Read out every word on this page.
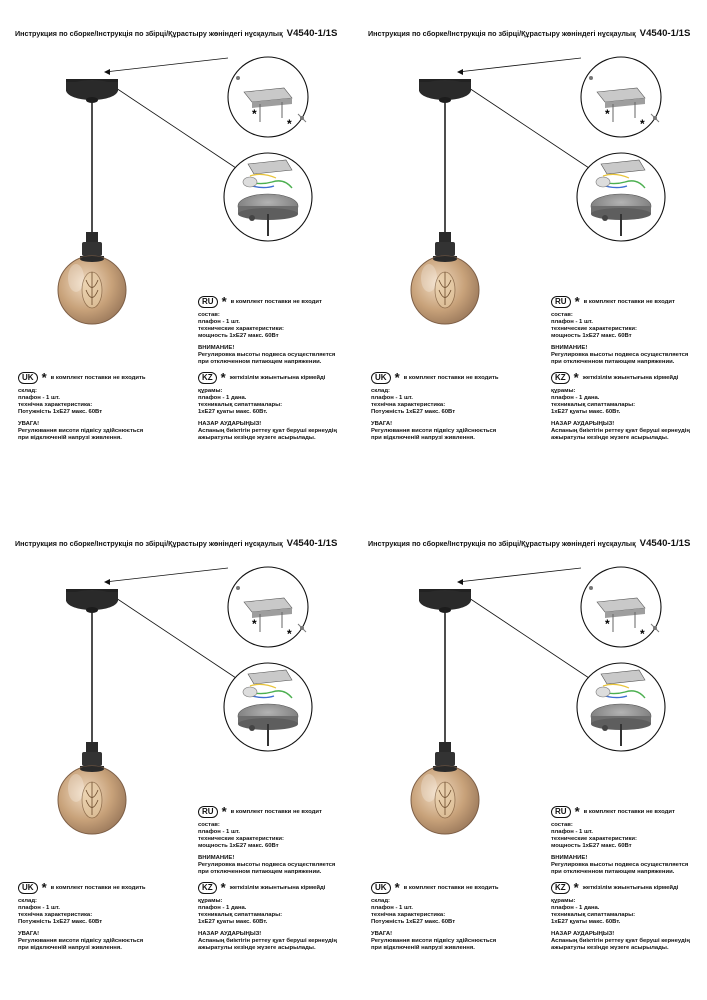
Инструкция по сборке/Інструкція по збірці/Құрастыру жөніндегі нұсқаулық V4540-1/1S
*
*
RU * в комплект поставки не входит
состав:
плафон - 1 шт.
технические характеристики:
мощность 1хЕ27 макс. 60Вт
ВНИМАНИЕ!
Регулировка высоты подвеса осуществляется
при отключенном питающем напряжении.
KZ * жеткізілім жиынтығына кірмейді
құрамы:
плафон - 1 дана.
техникалық сипаттамалары:
1хЕ27 қуаты макс. 60Вт.
НАЗАР АУДАРЫҢЫЗ!
Аспаның биіктігін реттеу қуат беруші кернеудің
ажыратулы кезінде жүзеге асырылады.
UK * в комплект поставки не входить
склад:
плафон - 1 шт.
технічна характеристика:
Потужність 1хЕ27 макс. 60Вт
УВАГА!
Регулювання висоти підвісу здійснюється
при відключеній напрузі живлення.
Инструкция по сборке/Інструкція по збірці/Құрастыру жөніндегі нұсқаулық V4540-1/1S
*
*
RU * в комплект поставки не входит
состав:
плафон - 1 шт.
технические характеристики:
мощность 1хЕ27 макс. 60Вт
ВНИМАНИЕ!
Регулировка высоты подвеса осуществляется
при отключенном питающем напряжении.
KZ * жеткізілім жиынтығына кірмейді
құрамы:
плафон - 1 дана.
техникалық сипаттамалары:
1хЕ27 қуаты макс. 60Вт.
НАЗАР АУДАРЫҢЫЗ!
Аспаның биіктігін реттеу қуат беруші кернеудің
ажыратулы кезінде жүзеге асырылады.
UK * в комплект поставки не входить
склад:
плафон - 1 шт.
технічна характеристика:
Потужність 1хЕ27 макс. 60Вт
УВАГА!
Регулювання висоти підвісу здійснюється
при відключеній напрузі живлення.
Инструкция по сборке/Інструкція по збірці/Құрастыру жөніндегі нұсқаулық V4540-1/1S
*
*
RU * в комплект поставки не входит
состав:
плафон - 1 шт.
технические характеристики:
мощность 1хЕ27 макс. 60Вт
ВНИМАНИЕ!
Регулировка высоты подвеса осуществляется
при отключенном питающем напряжении.
KZ * жеткізілім жиынтығына кірмейді
құрамы:
плафон - 1 дана.
техникалық сипаттамалары:
1хЕ27 қуаты макс. 60Вт.
НАЗАР АУДАРЫҢЫЗ!
Аспаның биіктігін реттеу қуат беруші кернеудің
ажыратулы кезінде жүзеге асырылады.
UK * в комплект поставки не входить
склад:
плафон - 1 шт.
технічна характеристика:
Потужність 1хЕ27 макс. 60Вт
УВАГА!
Регулювання висоти підвісу здійснюється
при відключеній напрузі живлення.
Инструкция по сборке/Інструкція по збірці/Құрастыру жөніндегі нұсқаулық V4540-1/1S
*
*
RU * в комплект поставки не входит
состав:
плафон - 1 шт.
технические характеристики:
мощность 1хЕ27 макс. 60Вт
ВНИМАНИЕ!
Регулировка высоты подвеса осуществляется
при отключенном питающем напряжении.
KZ * жеткізілім жиынтығына кірмейді
құрамы:
плафон - 1 дана.
техникалық сипаттамалары:
1хЕ27 қуаты макс. 60Вт.
НАЗАР АУДАРЫҢЫЗ!
Аспаның биіктігін реттеу қуат беруші кернеудің
ажыратулы кезінде жүзеге асырылады.
UK * в комплект поставки не входить
склад:
плафон - 1 шт.
технічна характеристика:
Потужність 1хЕ27 макс. 60Вт
УВАГА!
Регулювання висоти підвісу здійснюється
при відключеній напрузі живлення.
